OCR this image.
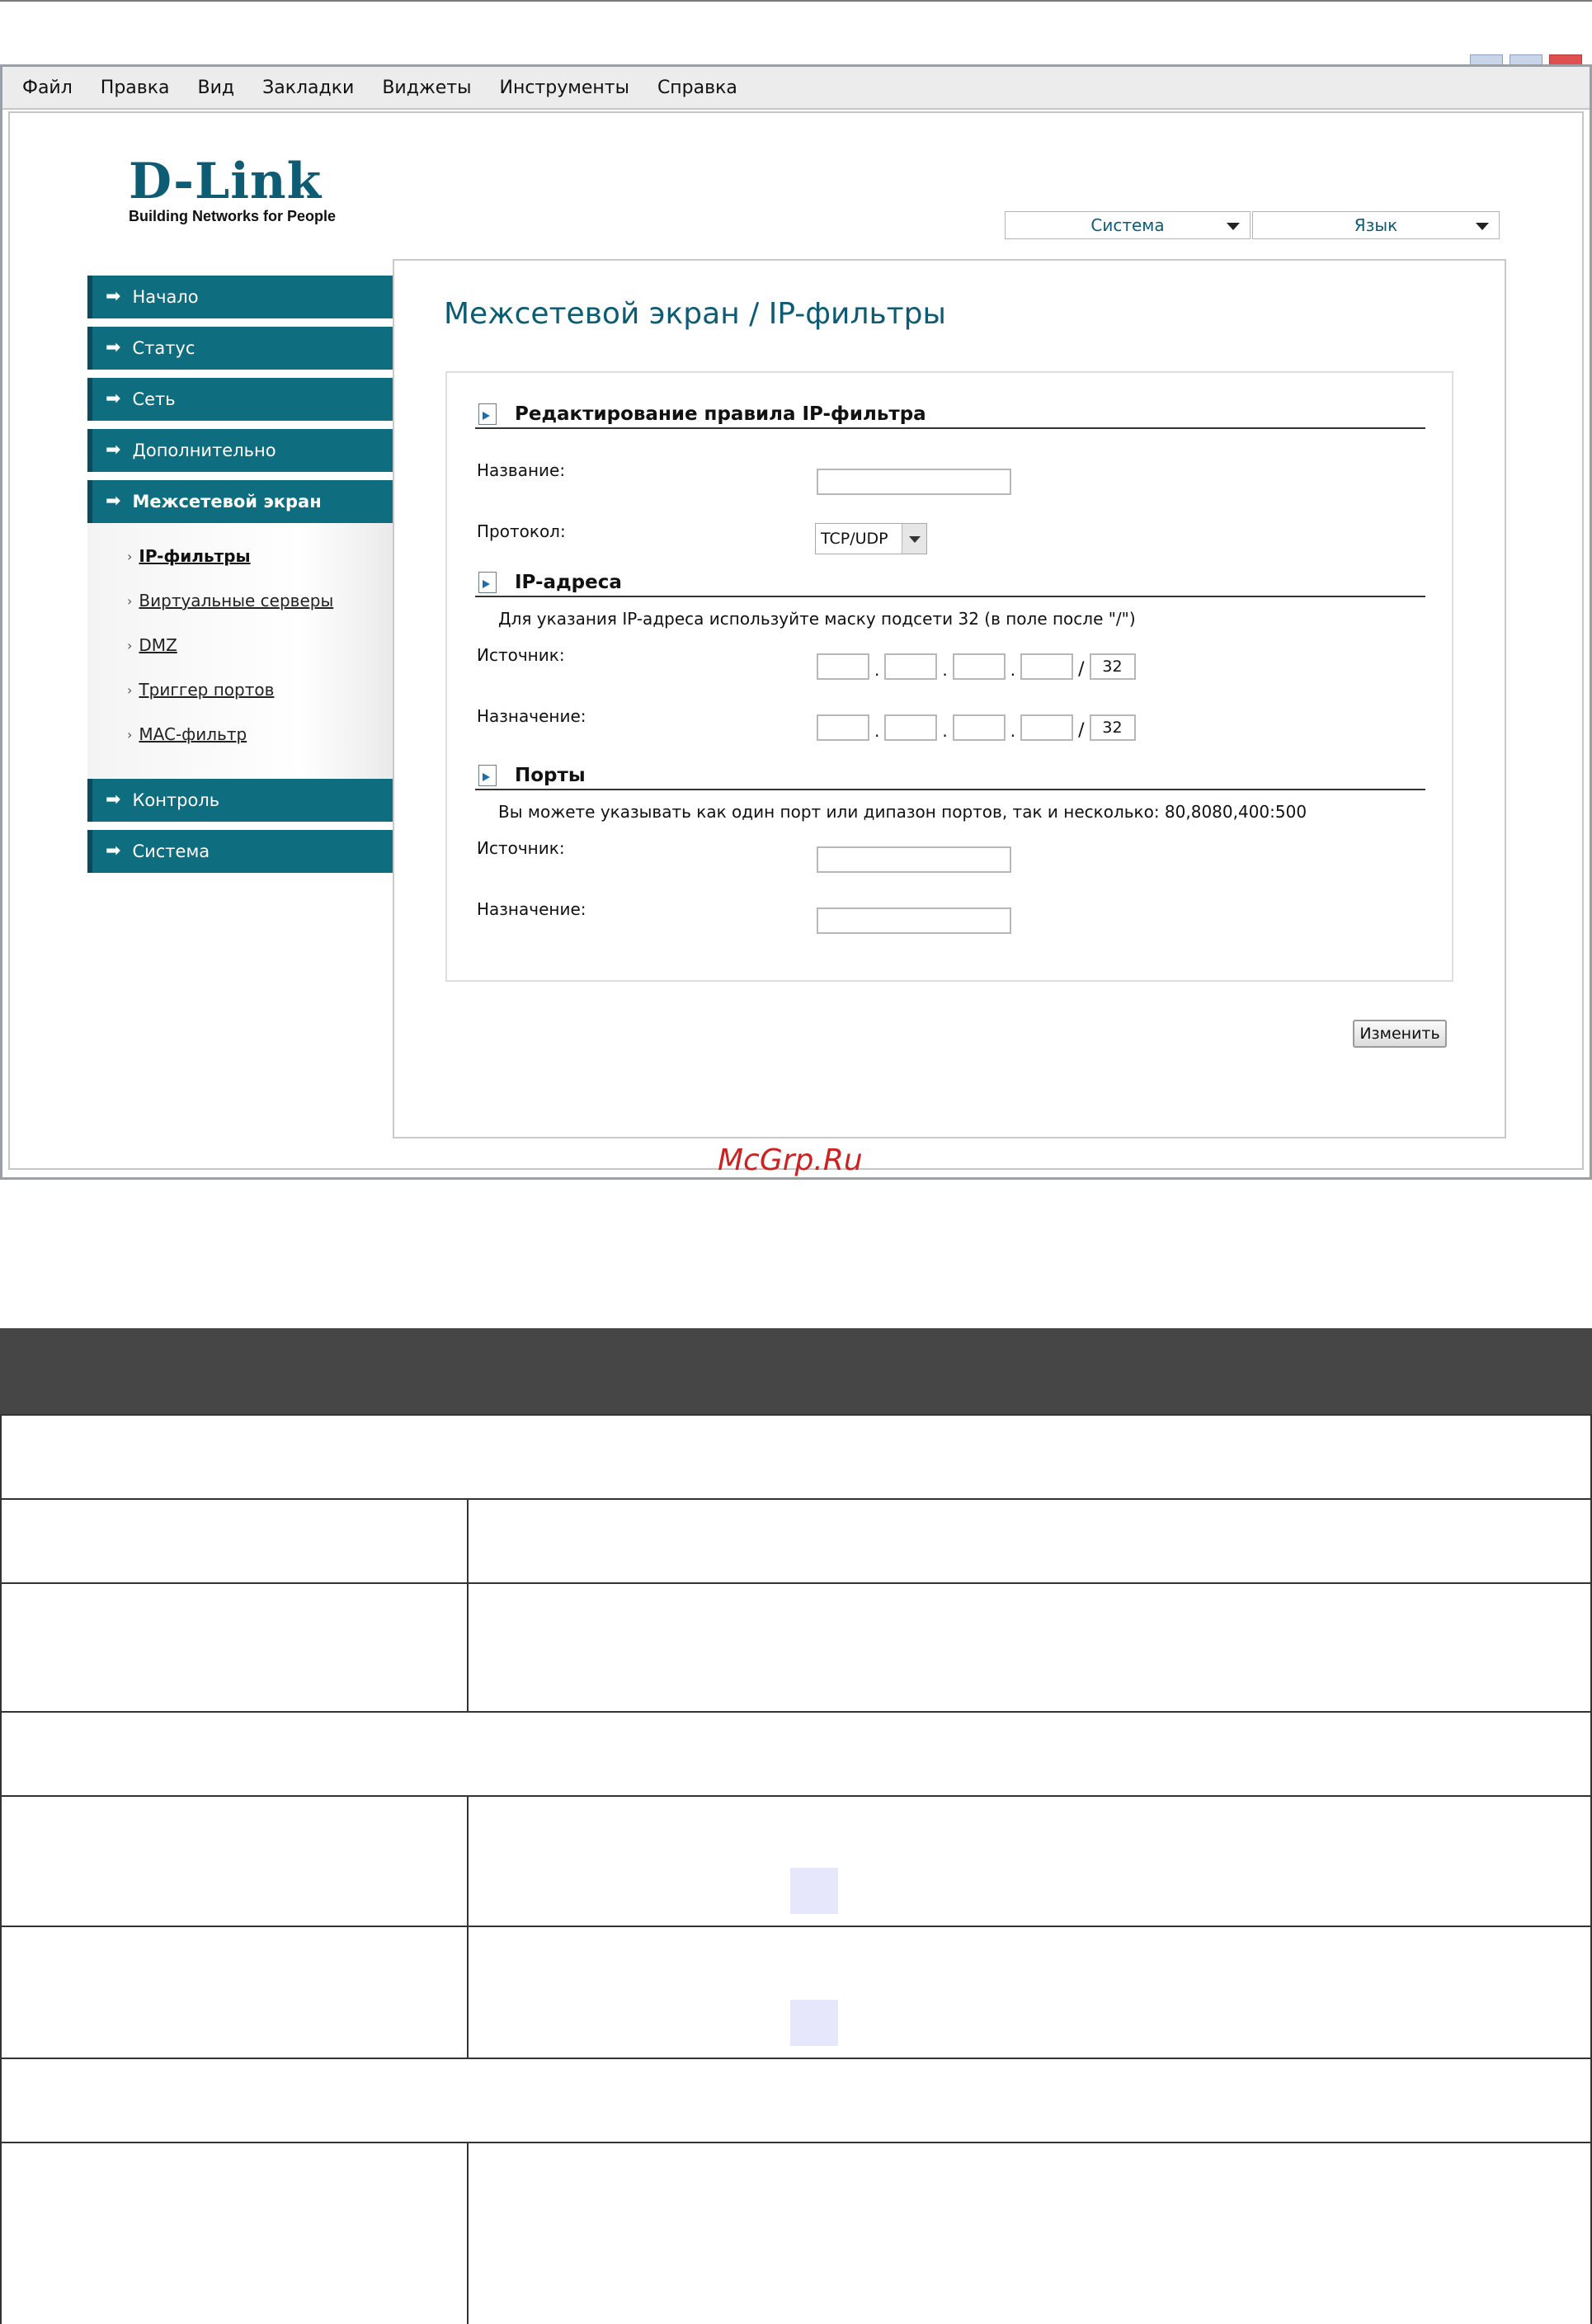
Файл Правка Вид Закладки Виджеты Инструменты Справка
D-Link
Building Networks for People	Система	Язык
➡ Начало
➡ Статус
➡ Сеть
➡ Дополнительно
➡ Межсетевой экран
› IP-фильтры
› Виртуальные серверы
› DMZ
› Триггер портов
› MAC-фильтр
➡ Контроль
➡ Система
Межсетевой экран / IP-фильтры
Редактирование правила IP-фильтра
Название:
Протокол:	TCP/UDP
IP-адреса
Для указания IP-адреса используйте маску подсети 32 (в поле после "/")
Источник:
.	.	.	/	32
Назначение:
.	.	.	/	32
Порты
Вы можете указывать как один порт или дипазон портов, так и несколько: 80,8080,400:500
Источник:
Назначение:
Изменить
McGrp.Ru
